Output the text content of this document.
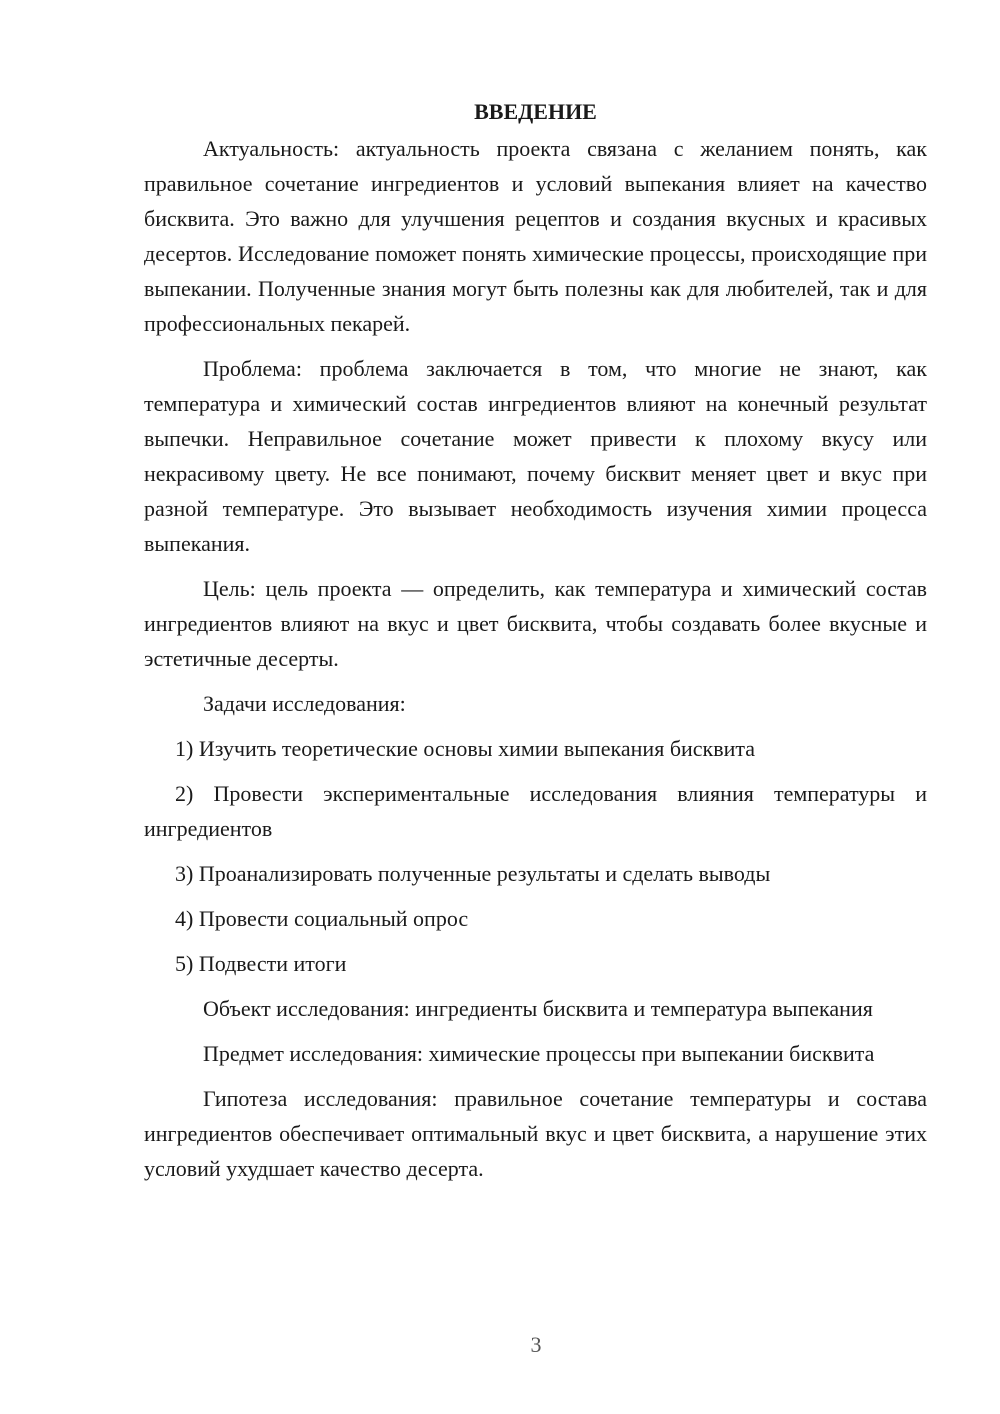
ВВЕДЕНИЕ

Актуальность: актуальность проекта связана с желанием понять, как правильное сочетание ингредиентов и условий выпекания влияет на качество бисквита. Это важно для улучшения рецептов и создания вкусных и красивых десертов. Исследование поможет понять химические процессы, происходящие при выпекании. Полученные знания могут быть полезны как для любителей, так и для профессиональных пекарей.

Проблема: проблема заключается в том, что многие не знают, как температура и химический состав ингредиентов влияют на конечный результат выпечки. Неправильное сочетание может привести к плохому вкусу или некрасивому цвету. Не все понимают, почему бисквит меняет цвет и вкус при разной температуре. Это вызывает необходимость изучения химии процесса выпекания.

Цель: цель проекта — определить, как температура и химический состав ингредиентов влияют на вкус и цвет бисквита, чтобы создавать более вкусные и эстетичные десерты.

Задачи исследования:

1) Изучить теоретические основы химии выпекания бисквита

2) Провести экспериментальные исследования влияния температуры и ингредиентов

3) Проанализировать полученные результаты и сделать выводы

4) Провести социальный опрос

5) Подвести итоги

Объект исследования: ингредиенты бисквита и температура выпекания

Предмет исследования: химические процессы при выпекании бисквита

Гипотеза исследования: правильное сочетание температуры и состава ингредиентов обеспечивает оптимальный вкус и цвет бисквита, а нарушение этих условий ухудшает качество десерта.

3
